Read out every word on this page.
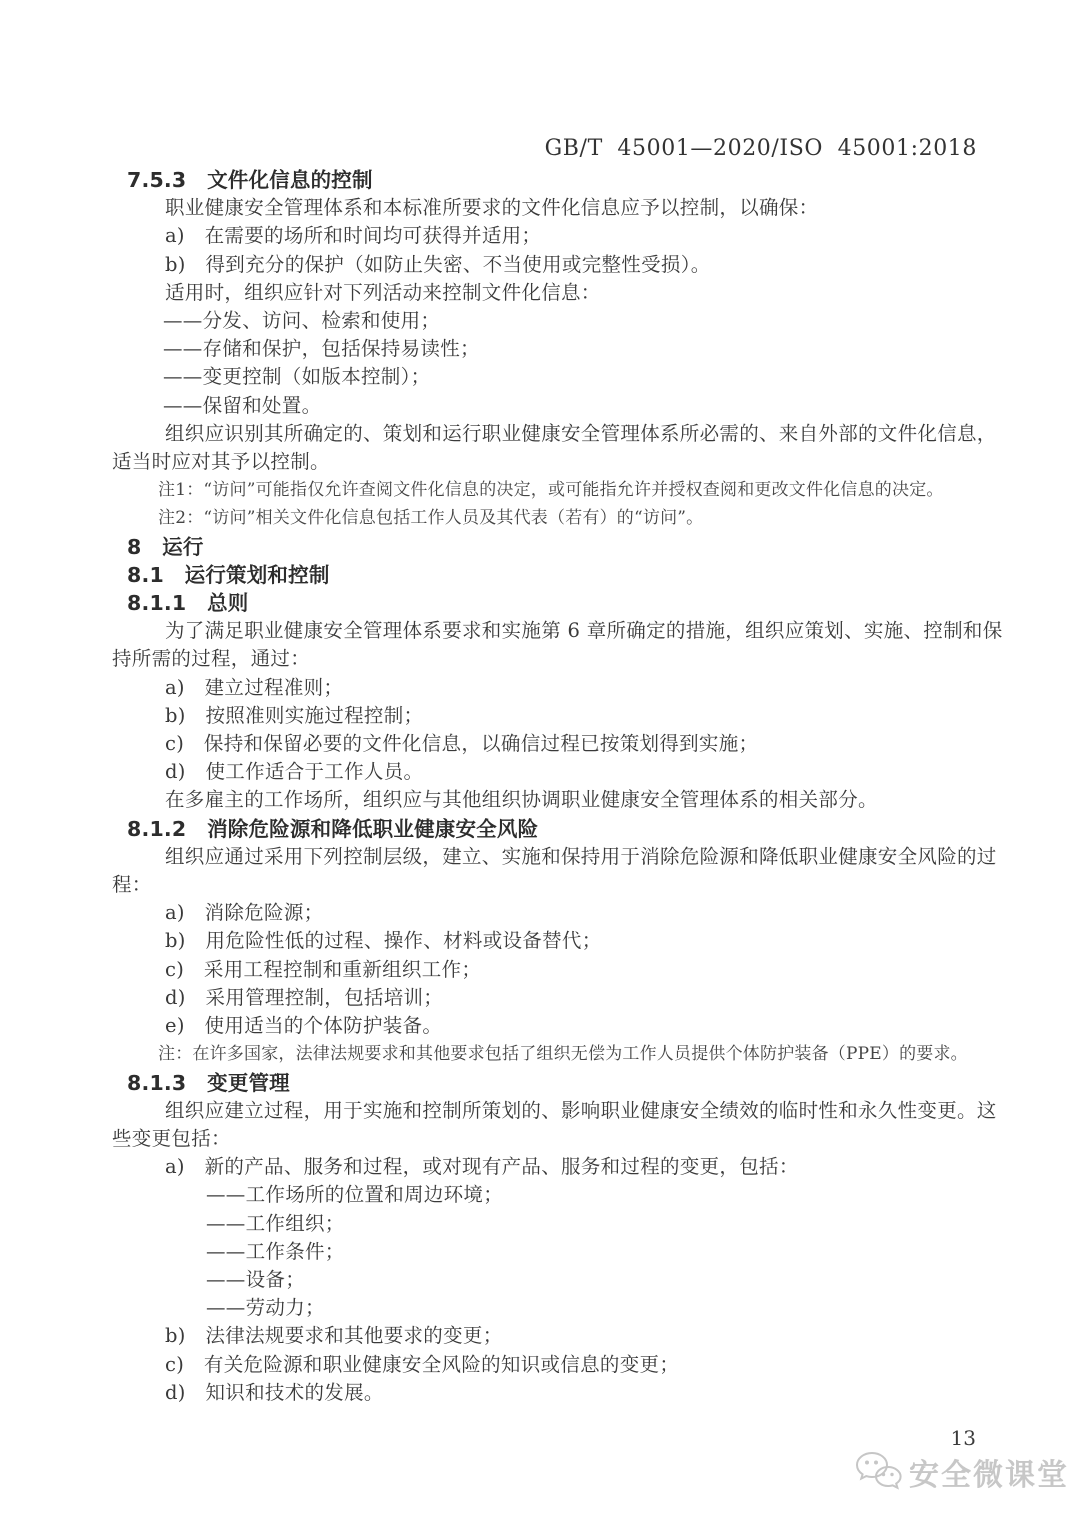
GB/T 45001—2020/ISO 45001:2018
7.5.3　文件化信息的控制
职业健康安全管理体系和本标准所要求的文件化信息应予以控制，以确保：
a)　在需要的场所和时间均可获得并适用；
b)　得到充分的保护（如防止失密、不当使用或完整性受损）。
适用时，组织应针对下列活动来控制文件化信息：
——分发、访问、检索和使用；
——存储和保护，包括保持易读性；
——变更控制（如版本控制）；
——保留和处置。
组织应识别其所确定的、策划和运行职业健康安全管理体系所必需的、来自外部的文件化信息，
适当时应对其予以控制。
注1：“访问”可能指仅允许查阅文件化信息的决定，或可能指允许并授权查阅和更改文件化信息的决定。
注2：“访问”相关文件化信息包括工作人员及其代表（若有）的“访问”。
8　运行
8.1　运行策划和控制
8.1.1　总则
为了满足职业健康安全管理体系要求和实施第 6 章所确定的措施，组织应策划、实施、控制和保
持所需的过程，通过：
a)　建立过程准则；
b)　按照准则实施过程控制；
c)　保持和保留必要的文件化信息，以确信过程已按策划得到实施；
d)　使工作适合于工作人员。
在多雇主的工作场所，组织应与其他组织协调职业健康安全管理体系的相关部分。
8.1.2　消除危险源和降低职业健康安全风险
组织应通过采用下列控制层级，建立、实施和保持用于消除危险源和降低职业健康安全风险的过
程：
a)　消除危险源；
b)　用危险性低的过程、操作、材料或设备替代；
c)　采用工程控制和重新组织工作；
d)　采用管理控制，包括培训；
e)　使用适当的个体防护装备。
注：在许多国家，法律法规要求和其他要求包括了组织无偿为工作人员提供个体防护装备（PPE）的要求。
8.1.3　变更管理
组织应建立过程，用于实施和控制所策划的、影响职业健康安全绩效的临时性和永久性变更。这
些变更包括：
a)　新的产品、服务和过程，或对现有产品、服务和过程的变更，包括：
——工作场所的位置和周边环境；
——工作组织；
——工作条件；
——设备；
——劳动力；
b)　法律法规要求和其他要求的变更；
c)　有关危险源和职业健康安全风险的知识或信息的变更；
d)　知识和技术的发展。
13
安全微课堂
